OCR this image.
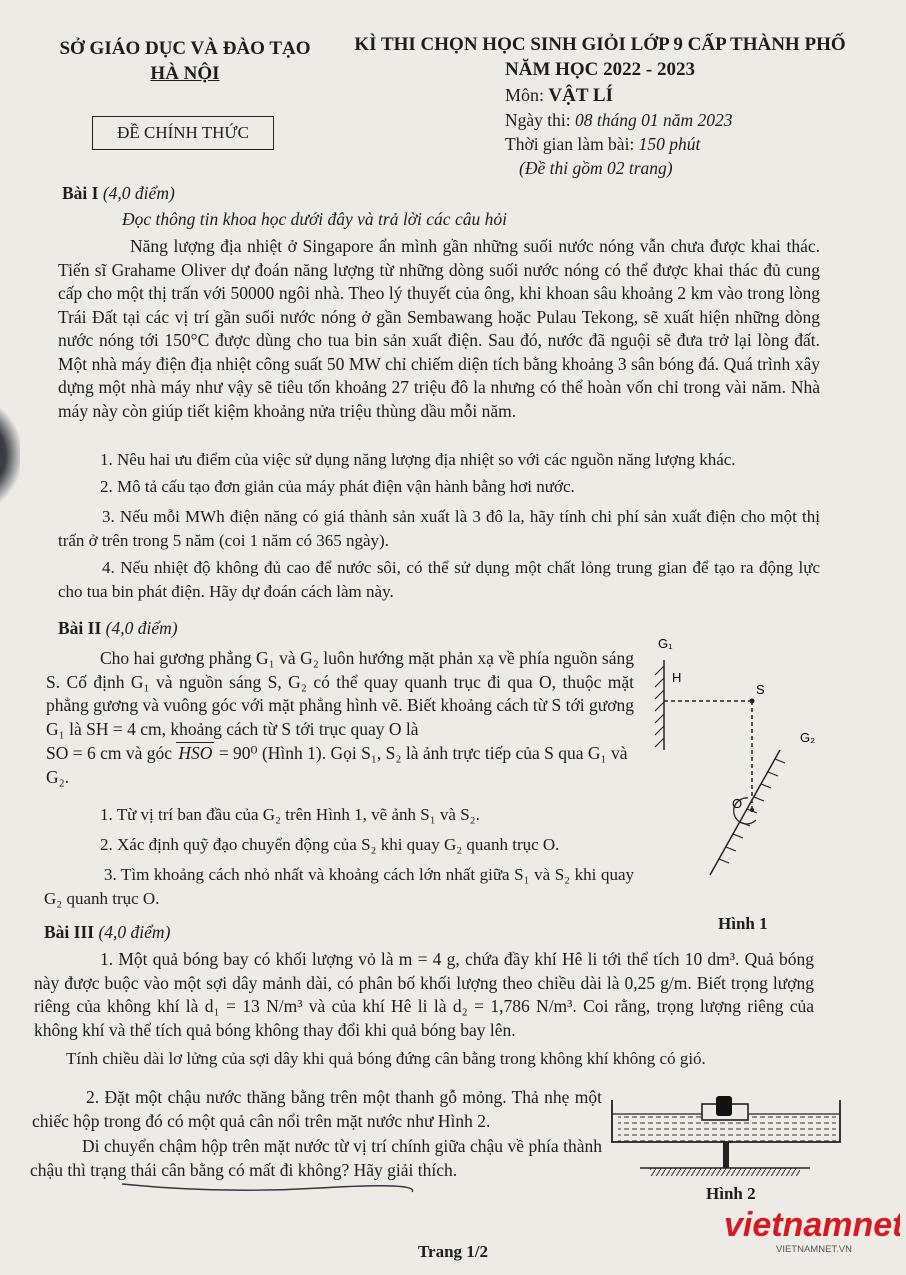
SỞ GIÁO DỤC VÀ ĐÀO TẠO
HÀ NỘI
KÌ THI CHỌN HỌC SINH GIỎI LỚP 9 CẤP THÀNH PHỐ
NĂM HỌC 2022 - 2023
ĐỀ CHÍNH THỨC
Môn: VẬT LÍ
Ngày thi: 08 tháng 01 năm 2023
Thời gian làm bài: 150 phút
(Đề thi gồm 02 trang)
Bài I (4,0 điểm)
Đọc thông tin khoa học dưới đây và trả lời các câu hỏi
Năng lượng địa nhiệt ở Singapore ẩn mình gần những suối nước nóng vẫn chưa được khai thác. Tiến sĩ Grahame Oliver dự đoán năng lượng từ những dòng suối nước nóng có thể được khai thác đủ cung cấp cho một thị trấn với 50000 ngôi nhà. Theo lý thuyết của ông, khi khoan sâu khoảng 2 km vào trong lòng Trái Đất tại các vị trí gần suối nước nóng ở gần Sembawang hoặc Pulau Tekong, sẽ xuất hiện những dòng nước nóng tới 150°C được dùng cho tua bin sản xuất điện. Sau đó, nước đã nguội sẽ đưa trở lại lòng đất. Một nhà máy điện địa nhiệt công suất 50 MW chỉ chiếm diện tích bằng khoảng 3 sân bóng đá. Quá trình xây dựng một nhà máy như vậy sẽ tiêu tốn khoảng 27 triệu đô la nhưng có thể hoàn vốn chỉ trong vài năm. Nhà máy này còn giúp tiết kiệm khoảng nửa triệu thùng dầu mỗi năm.
1. Nêu hai ưu điểm của việc sử dụng năng lượng địa nhiệt so với các nguồn năng lượng khác.
2. Mô tả cấu tạo đơn giản của máy phát điện vận hành bằng hơi nước.
3. Nếu mỗi MWh điện năng có giá thành sản xuất là 3 đô la, hãy tính chi phí sản xuất điện cho một thị trấn ở trên trong 5 năm (coi 1 năm có 365 ngày).
4. Nếu nhiệt độ không đủ cao để nước sôi, có thể sử dụng một chất lỏng trung gian để tạo ra động lực cho tua bin phát điện. Hãy dự đoán cách làm này.
Bài II (4,0 điểm)
Cho hai gương phẳng G₁ và G₂ luôn hướng mặt phản xạ về phía nguồn sáng S. Cố định G₁ và nguồn sáng S, G₂ có thể quay quanh trục đi qua O, thuộc mặt phẳng gương và vuông góc với mặt phẳng hình vẽ. Biết khoảng cách từ S tới gương G₁ là SH = 4 cm, khoảng cách từ S tới trục quay O là
SO = 6 cm và góc HSO = 90⁰ (Hình 1). Gọi S₁, S₂ là ảnh trực tiếp của S qua G₁ và G₂.
1. Từ vị trí ban đầu của G₂ trên Hình 1, vẽ ảnh S₁ và S₂.
2. Xác định quỹ đạo chuyển động của S₂ khi quay G₂ quanh trục O.
3. Tìm khoảng cách nhỏ nhất và khoảng cách lớn nhất giữa S₁ và S₂ khi quay G₂ quanh trục O.
G₁
H
S
G₂
O
Hình 1
Bài III (4,0 điểm)
1. Một quả bóng bay có khối lượng vỏ là m = 4 g, chứa đầy khí Hê li tới thể tích 10 dm³. Quả bóng này được buộc vào một sợi dây mảnh dài, có phân bố khối lượng theo chiều dài là 0,25 g/m. Biết trọng lượng riêng của không khí là d₁ = 13 N/m³ và của khí Hê li là d₂ = 1,786 N/m³. Coi rằng, trọng lượng riêng của không khí và thể tích quả bóng không thay đổi khi quả bóng bay lên.
Tính chiều dài lơ lửng của sợi dây khi quả bóng đứng cân bằng trong không khí không có gió.
2. Đặt một chậu nước thăng bằng trên một thanh gỗ mỏng. Thả nhẹ một chiếc hộp trong đó có một quả cân nổi trên mặt nước như Hình 2.
Di chuyển chậm hộp trên mặt nước từ vị trí chính giữa chậu về phía thành chậu thì trạng thái cân bằng có mất đi không? Hãy giải thích.
Hình 2
vietnamnet
VIETNAMNET.VN
Trang 1/2
